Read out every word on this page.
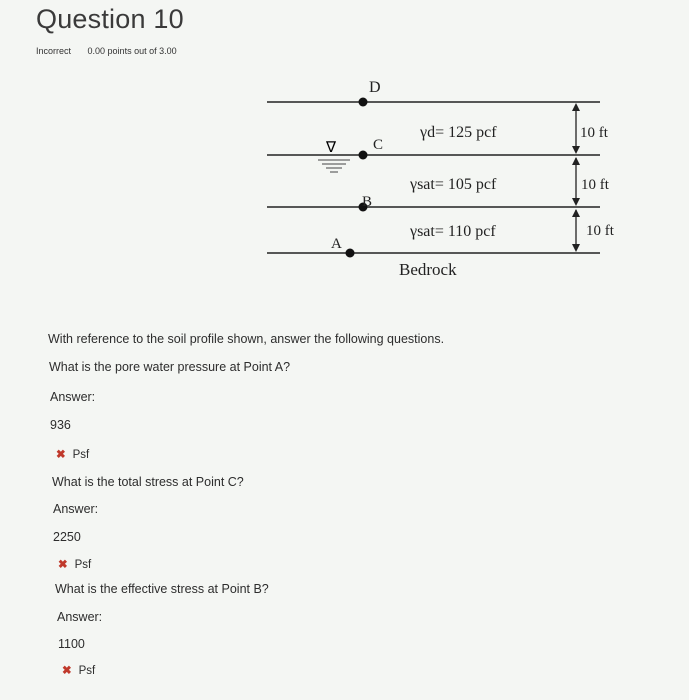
Question 10
Incorrect 0.00 points out of 3.00
∇
D
C
B
A
γd= 125 pcf
γsat= 105 pcf
γsat= 110 pcf
Bedrock
10 ft
10 ft
10 ft
With reference to the soil profile shown, answer the following questions.
What is the pore water pressure at Point A?
Answer:
936
✖ Psf
What is the total stress at Point C?
Answer:
2250
✖ Psf
What is the effective stress at Point B?
Answer:
1100
✖ Psf
